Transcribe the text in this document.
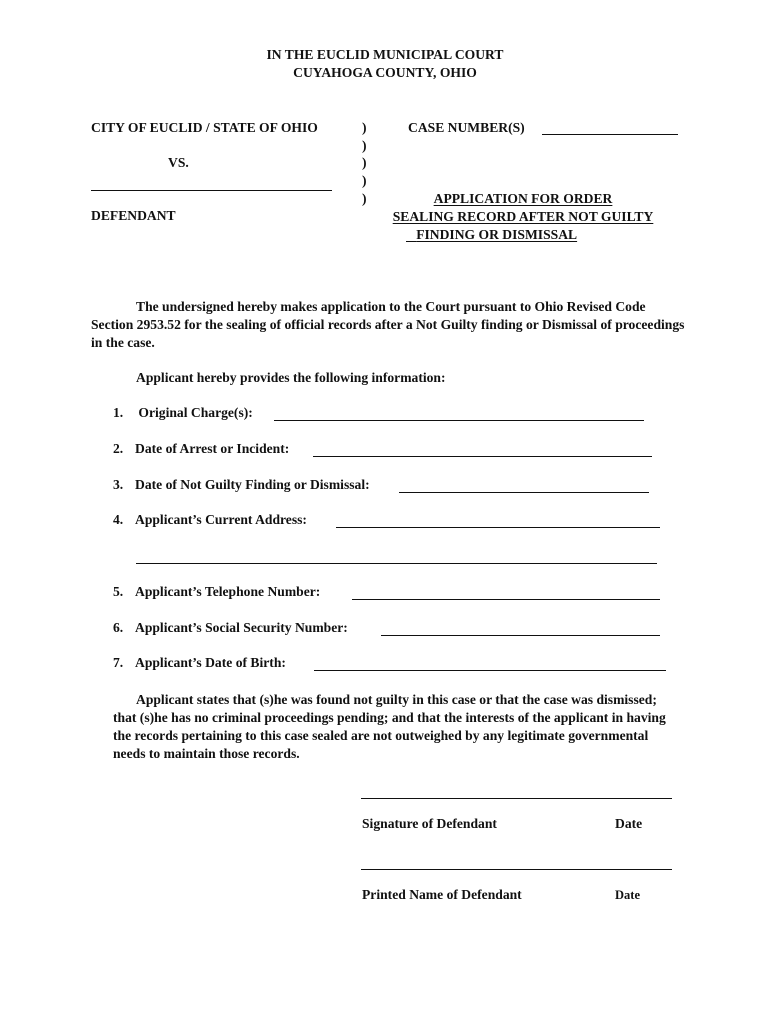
IN THE EUCLID MUNICIPAL COURT
CUYAHOGA COUNTY, OHIO
CITY OF EUCLID / STATE OF OHIO
VS.
DEFENDANT
)
)
)
)
)
CASE NUMBER(S)
APPLICATION FOR ORDER
SEALING RECORD AFTER NOT GUILTY
FINDING OR DISMISSAL
The undersigned hereby makes application to the Court pursuant to Ohio Revised Code Section 2953.52 for the sealing of official records after a Not Guilty finding or Dismissal of proceedings in the case.
Applicant hereby provides the following information:
1. Original Charge(s):
2. Date of Arrest or Incident:
3. Date of Not Guilty Finding or Dismissal:
4. Applicant’s Current Address:
5. Applicant’s Telephone Number:
6. Applicant’s Social Security Number:
7. Applicant’s Date of Birth:
Applicant states that (s)he was found not guilty in this case or that the case was dismissed; that (s)he has no criminal proceedings pending; and that the interests of the applicant in having the records pertaining to this case sealed are not outweighed by any legitimate governmental needs to maintain those records.
Signature of Defendant	Date
Printed Name of Defendant	Date
